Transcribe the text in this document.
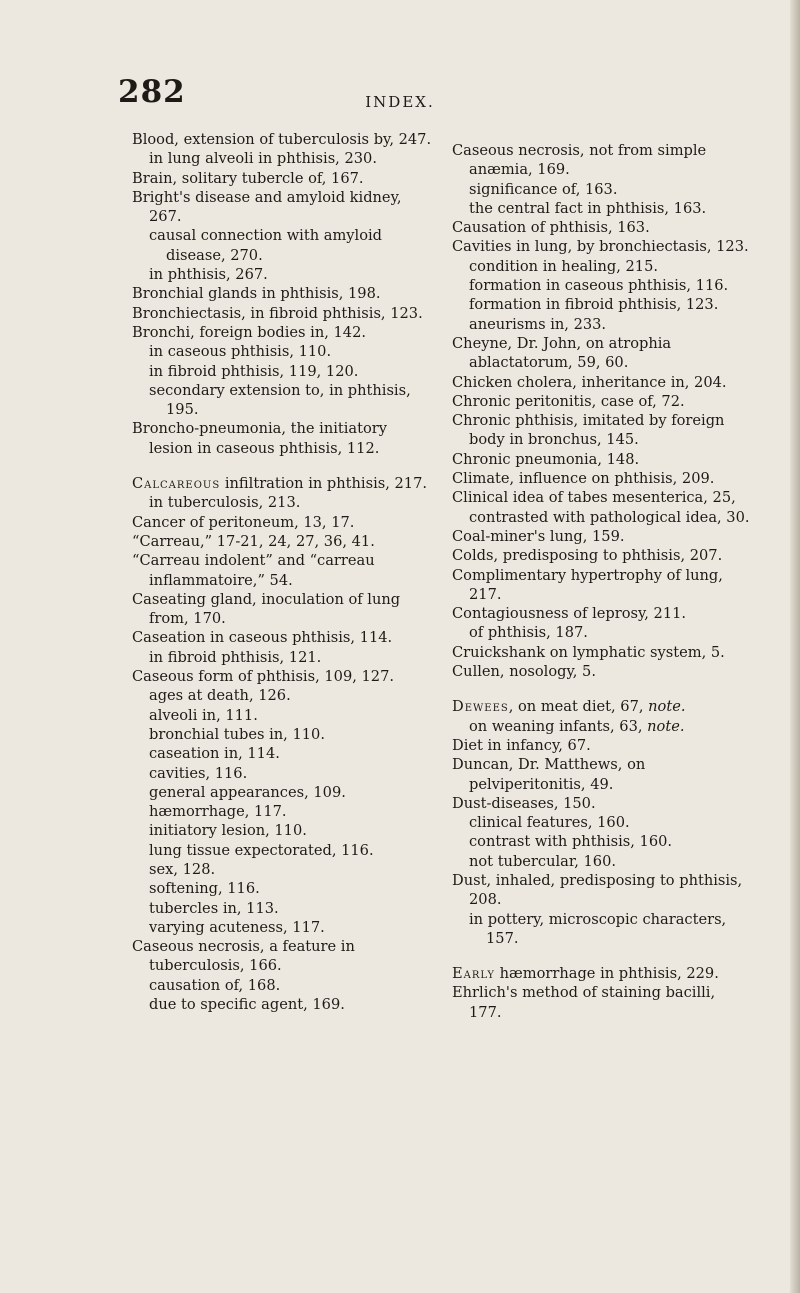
282	INDEX.
Blood, extension of tuberculosis by, 247.
in lung alveoli in phthisis, 230.
Brain, solitary tubercle of, 167.
Bright's disease and amyloid kidney, 267.
causal connection with amyloid disease, 270.
in phthisis, 267.
Bronchial glands in phthisis, 198.
Bronchiectasis, in fibroid phthisis, 123.
Bronchi, foreign bodies in, 142.
in caseous phthisis, 110.
in fibroid phthisis, 119, 120.
secondary extension to, in phthisis, 195.
Broncho-pneumonia, the initiatory lesion in caseous phthisis, 112.
Calcareous infiltration in phthisis, 217.
in tuberculosis, 213.
Cancer of peritoneum, 13, 17.
“Carreau,” 17-21, 24, 27, 36, 41.
“Carreau indolent” and “carreau inflammatoire,” 54.
Caseating gland, inoculation of lung from, 170.
Caseation in caseous phthisis, 114.
in fibroid phthisis, 121.
Caseous form of phthisis, 109, 127.
ages at death, 126.
alveoli in, 111.
bronchial tubes in, 110.
caseation in, 114.
cavities, 116.
general appearances, 109.
hæmorrhage, 117.
initiatory lesion, 110.
lung tissue expectorated, 116.
sex, 128.
softening, 116.
tubercles in, 113.
varying acuteness, 117.
Caseous necrosis, a feature in tuberculosis, 166.
causation of, 168.
due to specific agent, 169.
Caseous necrosis, not from simple anæmia, 169.
significance of, 163.
the central fact in phthisis, 163.
Causation of phthisis, 163.
Cavities in lung, by bronchiectasis, 123.
condition in healing, 215.
formation in caseous phthisis, 116.
formation in fibroid phthisis, 123.
aneurisms in, 233.
Cheyne, Dr. John, on atrophia ablactatorum, 59, 60.
Chicken cholera, inheritance in, 204.
Chronic peritonitis, case of, 72.
Chronic phthisis, imitated by foreign body in bronchus, 145.
Chronic pneumonia, 148.
Climate, influence on phthisis, 209.
Clinical idea of tabes mesenterica, 25,
contrasted with pathological idea, 30.
Coal-miner's lung, 159.
Colds, predisposing to phthisis, 207.
Complimentary hypertrophy of lung, 217.
Contagiousness of leprosy, 211.
of phthisis, 187.
Cruickshank on lymphatic system, 5.
Cullen, nosology, 5.
Dewees, on meat diet, 67, note.
on weaning infants, 63, note.
Diet in infancy, 67.
Duncan, Dr. Matthews, on pelviperitonitis, 49.
Dust-diseases, 150.
clinical features, 160.
contrast with phthisis, 160.
not tubercular, 160.
Dust, inhaled, predisposing to phthisis, 208.
in pottery, microscopic characters, 157.
Early hæmorrhage in phthisis, 229.
Ehrlich's method of staining bacilli, 177.
